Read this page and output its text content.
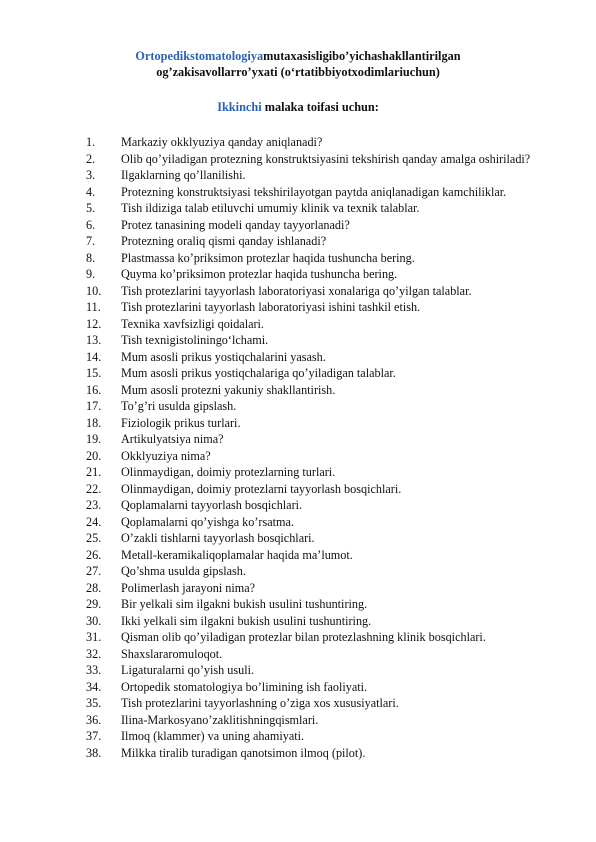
Ortopedikstomatologiyamutaxasisligibo’yichashakllantirilgan
og’zakisavollarro’yxati (o‘rtatibbiyotxodimlariuchun)
Ikkinchi malaka toifasi uchun:
1.	Markaziy okklyuziya qanday aniqlanadi?
2.	Olib qo’yiladigan protezning konstruktsiyasini tekshirish qanday amalga oshiriladi?
3.	Ilgaklarning qo’llanilishi.
4.	Protezning konstruktsiyasi tekshirilayotgan paytda aniqlanadigan kamchiliklar.
5.	Tish ildiziga talab etiluvchi umumiy klinik va texnik talablar.
6.	Protez tanasining modeli qanday tayyorlanadi?
7.	Protezning oraliq qismi qanday ishlanadi?
8.	Plastmassa ko’priksimon protezlar haqida tushuncha bering.
9.	Quyma ko’priksimon protezlar haqida tushuncha bering.
10.	Tish protezlarini tayyorlash laboratoriyasi xonalariga qo’yilgan talablar.
11.	Tish protezlarini tayyorlash laboratoriyasi ishini tashkil etish.
12.	Texnika xavfsizligi qoidalari.
13.	Tish texnigistoliningo‘lchami.
14.	Mum asosli prikus yostiqchalarini yasash.
15.	Mum asosli prikus yostiqchalariga qo’yiladigan talablar.
16.	Mum asosli protezni yakuniy shakllantirish.
17.	To’g’ri usulda gipslash.
18.	Fiziologik prikus turlari.
19.	Artikulyatsiya nima?
20.	Okklyuziya nima?
21.	Olinmaydigan, doimiy protezlarning turlari.
22.	Olinmaydigan, doimiy protezlarni tayyorlash bosqichlari.
23.	Qoplamalarni tayyorlash bosqichlari.
24.	Qoplamalarni qo’yishga ko’rsatma.
25.	O’zakli tishlarni tayyorlash bosqichlari.
26.	Metall-keramikaliqoplamalar haqida ma’lumot.
27.	Qo’shma usulda gipslash.
28.	Polimerlash jarayoni nima?
29.	Bir yelkali sim ilgakni bukish usulini tushuntiring.
30.	Ikki yelkali sim ilgakni bukish usulini tushuntiring.
31.	Qisman olib qo’yiladigan protezlar bilan protezlashning klinik bosqichlari.
32.	Shaxslararomuloqot.
33.	Ligaturalarni qo’yish usuli.
34.	Ortopedik stomatologiya bo’limining ish faoliyati.
35.	Tish protezlarini tayyorlashning o’ziga xos xususiyatlari.
36.	Ilina-Markosyano’zaklitishningqismlari.
37.	Ilmoq (klammer) va uning ahamiyati.
38.	Milkka tiralib turadigan qanotsimon ilmoq (pilot).
